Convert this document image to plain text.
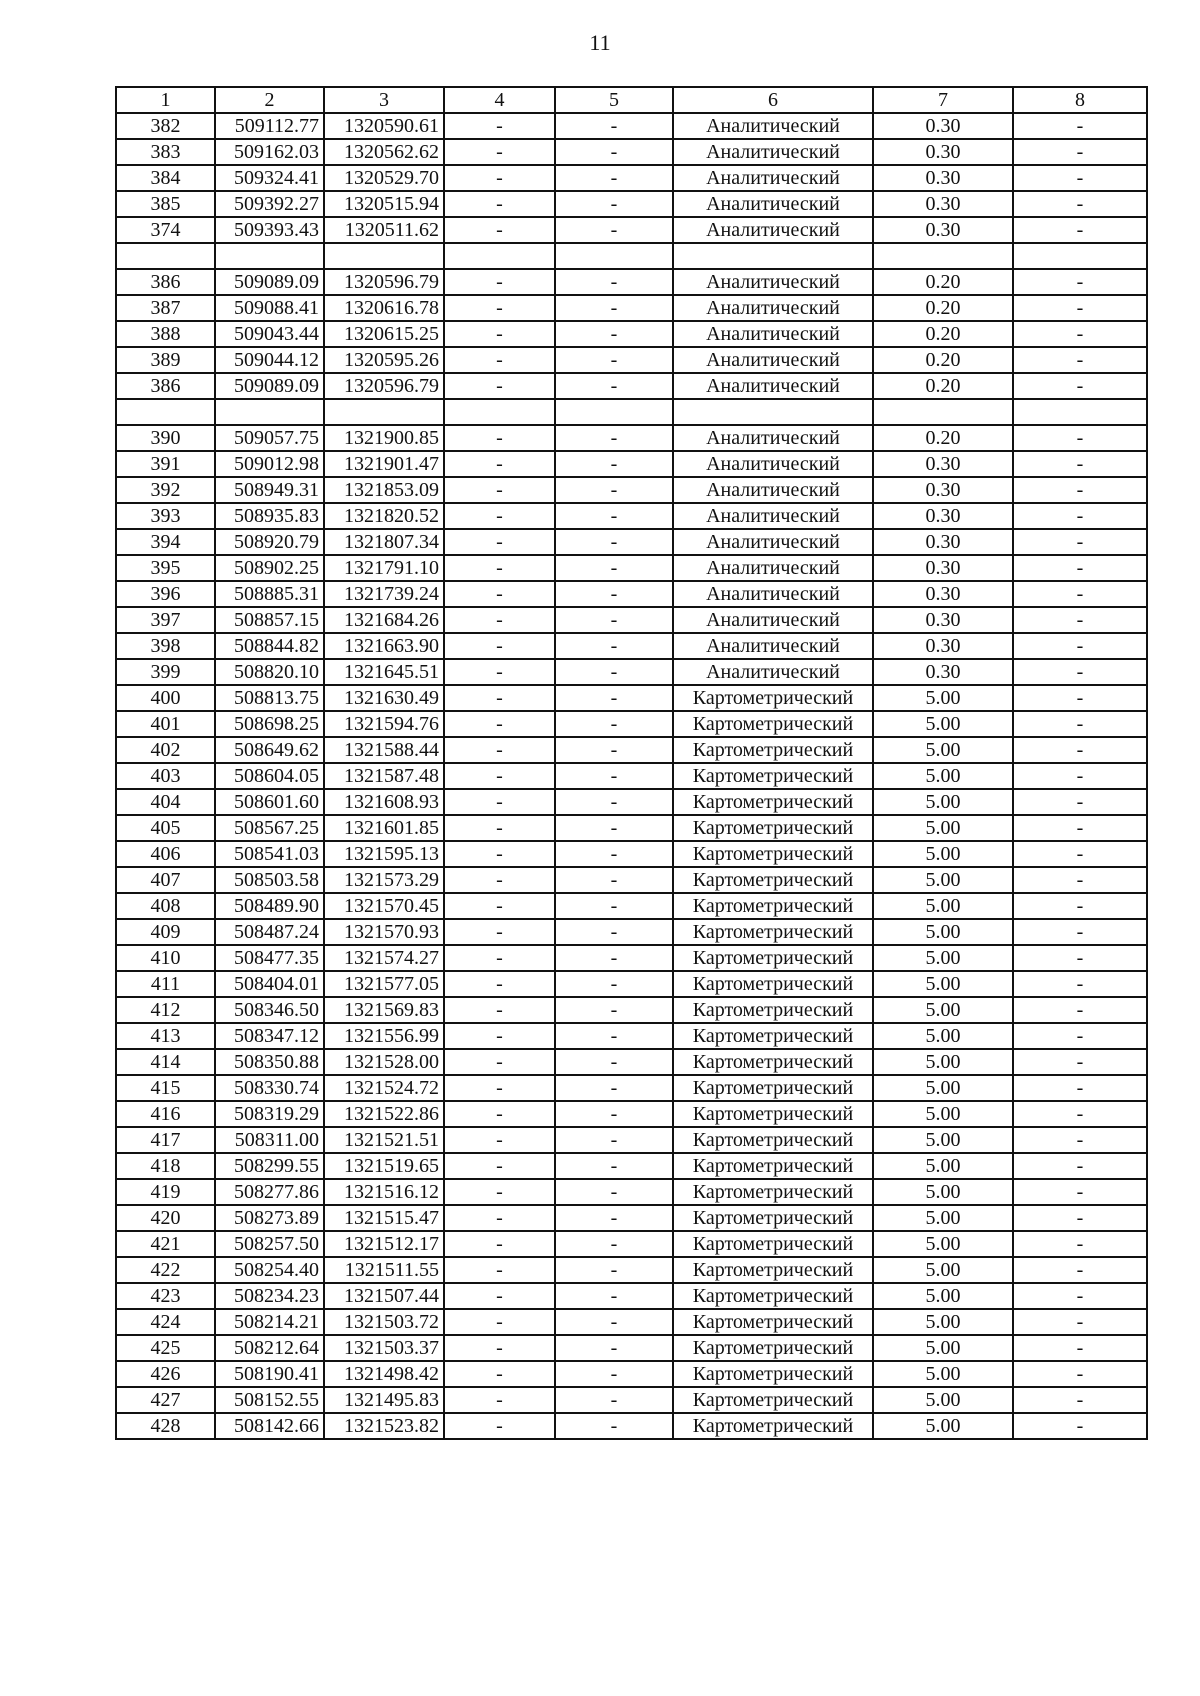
11
1	2	3	4	5	6	7	8
382	509112.77	1320590.61	-	-	Аналитический	0.30	-
383	509162.03	1320562.62	-	-	Аналитический	0.30	-
384	509324.41	1320529.70	-	-	Аналитический	0.30	-
385	509392.27	1320515.94	-	-	Аналитический	0.30	-
374	509393.43	1320511.62	-	-	Аналитический	0.30	-

386	509089.09	1320596.79	-	-	Аналитический	0.20	-
387	509088.41	1320616.78	-	-	Аналитический	0.20	-
388	509043.44	1320615.25	-	-	Аналитический	0.20	-
389	509044.12	1320595.26	-	-	Аналитический	0.20	-
386	509089.09	1320596.79	-	-	Аналитический	0.20	-

390	509057.75	1321900.85	-	-	Аналитический	0.20	-
391	509012.98	1321901.47	-	-	Аналитический	0.30	-
392	508949.31	1321853.09	-	-	Аналитический	0.30	-
393	508935.83	1321820.52	-	-	Аналитический	0.30	-
394	508920.79	1321807.34	-	-	Аналитический	0.30	-
395	508902.25	1321791.10	-	-	Аналитический	0.30	-
396	508885.31	1321739.24	-	-	Аналитический	0.30	-
397	508857.15	1321684.26	-	-	Аналитический	0.30	-
398	508844.82	1321663.90	-	-	Аналитический	0.30	-
399	508820.10	1321645.51	-	-	Аналитический	0.30	-
400	508813.75	1321630.49	-	-	Картометрический	5.00	-
401	508698.25	1321594.76	-	-	Картометрический	5.00	-
402	508649.62	1321588.44	-	-	Картометрический	5.00	-
403	508604.05	1321587.48	-	-	Картометрический	5.00	-
404	508601.60	1321608.93	-	-	Картометрический	5.00	-
405	508567.25	1321601.85	-	-	Картометрический	5.00	-
406	508541.03	1321595.13	-	-	Картометрический	5.00	-
407	508503.58	1321573.29	-	-	Картометрический	5.00	-
408	508489.90	1321570.45	-	-	Картометрический	5.00	-
409	508487.24	1321570.93	-	-	Картометрический	5.00	-
410	508477.35	1321574.27	-	-	Картометрический	5.00	-
411	508404.01	1321577.05	-	-	Картометрический	5.00	-
412	508346.50	1321569.83	-	-	Картометрический	5.00	-
413	508347.12	1321556.99	-	-	Картометрический	5.00	-
414	508350.88	1321528.00	-	-	Картометрический	5.00	-
415	508330.74	1321524.72	-	-	Картометрический	5.00	-
416	508319.29	1321522.86	-	-	Картометрический	5.00	-
417	508311.00	1321521.51	-	-	Картометрический	5.00	-
418	508299.55	1321519.65	-	-	Картометрический	5.00	-
419	508277.86	1321516.12	-	-	Картометрический	5.00	-
420	508273.89	1321515.47	-	-	Картометрический	5.00	-
421	508257.50	1321512.17	-	-	Картометрический	5.00	-
422	508254.40	1321511.55	-	-	Картометрический	5.00	-
423	508234.23	1321507.44	-	-	Картометрический	5.00	-
424	508214.21	1321503.72	-	-	Картометрический	5.00	-
425	508212.64	1321503.37	-	-	Картометрический	5.00	-
426	508190.41	1321498.42	-	-	Картометрический	5.00	-
427	508152.55	1321495.83	-	-	Картометрический	5.00	-
428	508142.66	1321523.82	-	-	Картометрический	5.00	-
